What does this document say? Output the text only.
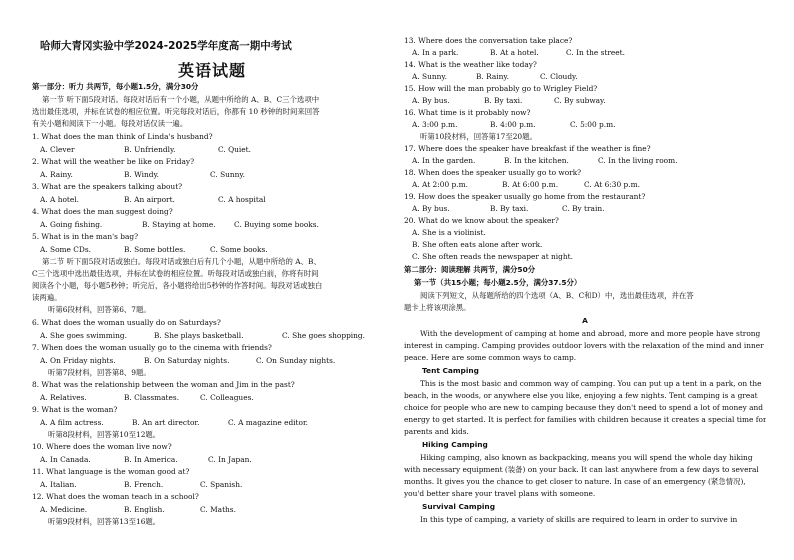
哈师大青冈实验中学2024-2025学年度高一期中考试
英语试题
第一部分：听力 共两节，每小题1.5分，满分30分
第一节 听下面5段对话。每段对话后有一个小题，从题中所给的 A、B、C三个选项中
选出最佳选项，并标在试卷的相应位置。听完每段对话后，你都有 10 秒钟的时间来回答
有关小题和阅读下一小题。每段对话仅读一遍。
1. What does the man think of Linda's husband?
A. Clever	B. Unfriendly.	C. Quiet.
2. What will the weather be like on Friday?
A. Rainy.	B. Windy.	C. Sunny.
3. What are the speakers talking about?
A. A hotel.	B. An airport.	C. A hospital
4. What does the man suggest doing?
A. Going fishing.	B. Staying at home. C. Buying some books.
5. What is in the man's bag?
A. Some CDs.	B. Some bottles.	C. Some books.
第二节 听下面5段对话或独白。每段对话或独白后有几个小题，从题中所给的 A、B、
C三个选项中选出最佳选项，并标在试卷的相应位置。听每段对话或独白前，你将有时间
阅读各个小题，每小题5秒钟；听完后，各小题将给出5秒钟的作答时间。每段对话或独白
读两遍。
听第6段材料，回答第6、7题。
6. What does the woman usually do on Saturdays?
A. She goes swimming.	B. She plays basketball.	C. She goes shopping.
7. When does the woman usually go to the cinema with friends?
A. On Friday nights.	B. On Saturday nights.	C. On Sunday nights.
听第7段材料，回答第8、9题。
8. What was the relationship between the woman and Jim in the past?
A. Relatives.	B. Classmates.	C. Colleagues.
9. What is the woman?
A. A film actress.	B. An art director.	C. A magazine editor.
听第8段材料，回答第10至12题。
10. Where does the woman live now?
A. In Canada.	B. In America.	C. In Japan.
11. What language is the woman good at?
A. Italian.	B. French.	C. Spanish.
12. What does the woman teach in a school?
A. Medicine.	B. English.	C. Maths.
听第9段材料，回答第13至16题。
13. Where does the conversation take place?
A. In a park.	B. At a hotel.	C. In the street.
14. What is the weather like today?
A. Sunny.	B. Rainy.	C. Cloudy.
15. How will the man probably go to Wrigley Field?
A. By bus.	B. By taxi.	C. By subway.
16. What time is it probably now?
A. 3:00 p.m.	B. 4:00 p.m.	C. 5:00 p.m.
听第10段材料，回答第17至20题。
17. Where does the speaker have breakfast if the weather is fine?
A. In the garden.	B. In the kitchen.	C. In the living room.
18. When does the speaker usually go to work?
A. At 2:00 p.m.	B. At 6:00 p.m.	C. At 6:30 p.m.
19. How does the speaker usually go home from the restaurant?
A. By bus.	B. By taxi.	C. By train.
20. What do we know about the speaker?
A. She is a violinist.
B. She often eats alone after work.
C. She often reads the newspaper at night.
第二部分：阅读理解 共两节，满分50分
第一节（共15小题；每小题2.5分，满分37.5分）
阅读下列短文，从每题所给的四个选项（A、B、C和D）中，选出最佳选项，并在答
题卡上将该项涂黑。
A
With the development of camping at home and abroad, more and more people have strong
interest in camping. Camping provides outdoor lovers with the relaxation of the mind and inner
peace. Here are some common ways to camp.
Tent Camping
This is the most basic and common way of camping. You can put up a tent in a park, on the
beach, in the woods, or anywhere else you like, enjoying a few nights. Tent camping is a great
choice for people who are new to camping because they don't need to spend a lot of money and
energy to get started. It is perfect for families with children because it creates a special time for
parents and kids.
Hiking Camping
Hiking camping, also known as backpacking, means you will spend the whole day hiking
with necessary equipment (装备) on your back. It can last anywhere from a few days to several
months. It gives you the chance to get closer to nature. In case of an emergency (紧急情况),
you'd better share your travel plans with someone.
Survival Camping
In this type of camping, a variety of skills are required to learn in order to survive in
